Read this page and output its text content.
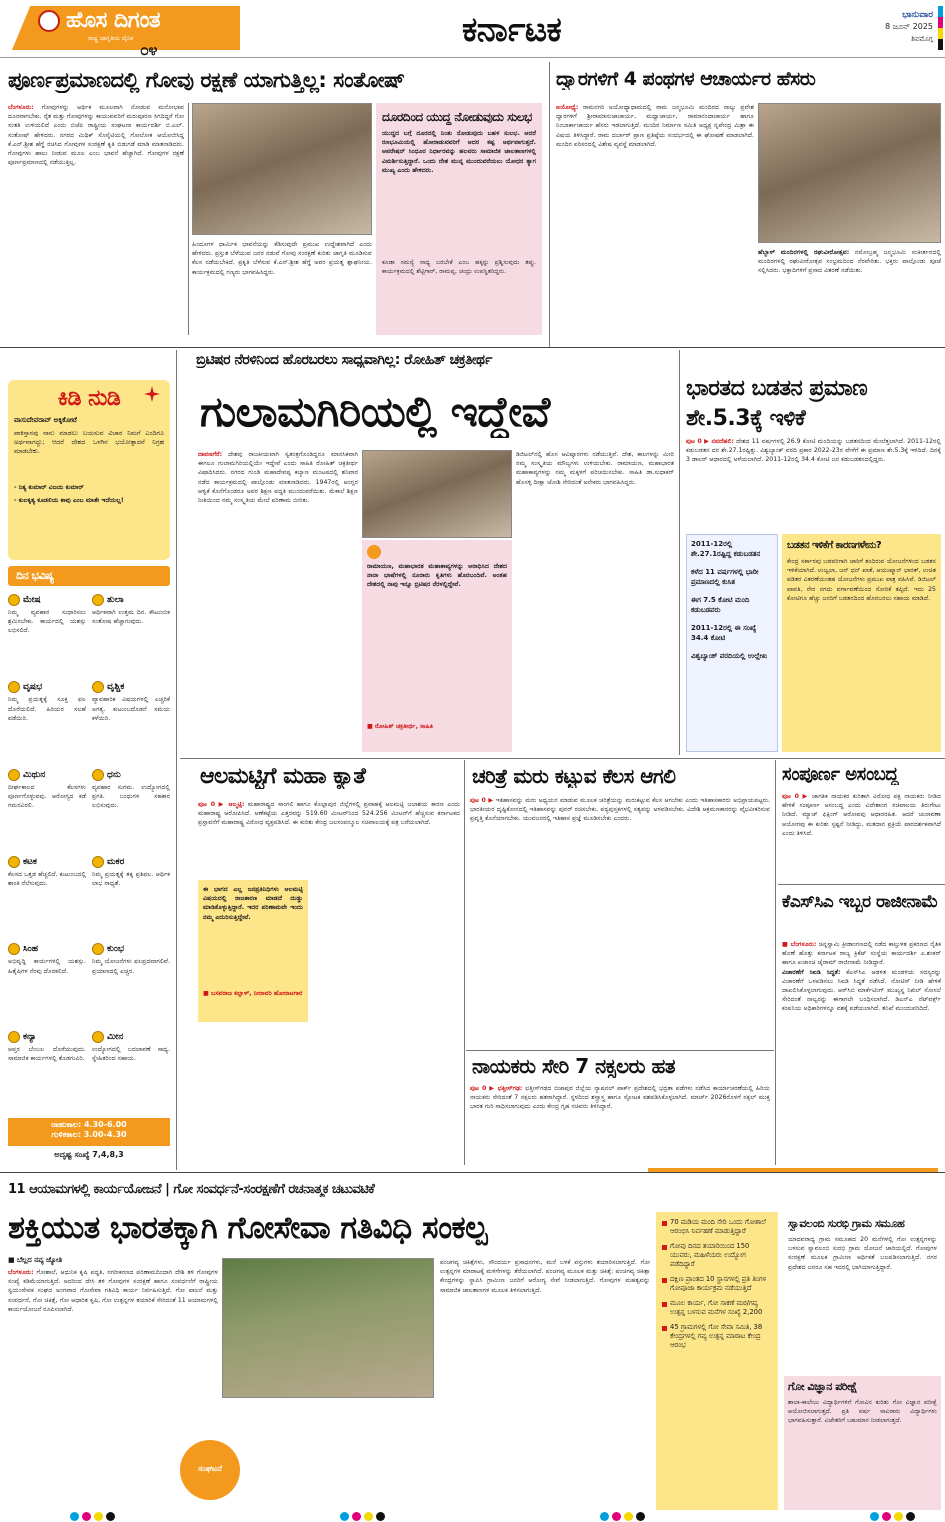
ಹೊಸ ದಿಗಂತ
ರಾಷ್ಟ್ರ ಜಾಗೃತಿಯ ದೈನಿಕ
೦೪	ಕರ್ನಾಟಕ	ಭಾನುವಾರ
8 ಜೂನ್ 2025
ಶಿವಮೊಗ್ಗ
ಪೂರ್ಣಪ್ರಮಾಣದಲ್ಲಿ ಗೋವು ರಕ್ಷಣೆ ಯಾಗುತ್ತಿಲ್ಲ: ಸಂತೋಷ್
ಬೆಂಗಳೂರು: ಗೋವುಗಳನ್ನು ಆರ್ಥಿಕ ಮೂಲವಾಗಿ ನೋಡುವ ಮನೋಭಾವ ದೂರವಾಗಬೇಕು. ರೈತ ಮತ್ತು ಗೋವುಗಳನ್ನು ಕಾಯುವವರಿಗೆ ಮರುಪೂರಣ ಸಿಗದಿದ್ದರೆ ಗೋ ಸಂತತಿ ಉಳಿಯಲಿದೆ ಎಂದು ಬಿಜೆಪಿ ರಾಷ್ಟ್ರೀಯ ಸಂಘಟನಾ ಕಾರ್ಯದರ್ಶಿ ಬಿ.ಎಲ್. ಸಂತೋಷ್ ಹೇಳಿದರು. ನಗರದ ಮಿಥಿಕ್ ಸೊಸೈಟಿಯಲ್ಲಿ ಗೋಲೋಕ ಆಯೋಜಿಸಿದ್ದ ಕೆ.ಎನ್.ಶ್ರೀಶ ಹೆಗ್ಡೆ ರಚಿಸಿದ ಗೋವುಗಳ ಸಂರಕ್ಷಣೆ ಕೃತಿ ಬಿಡುಗಡೆ ಮಾಡಿ ಮಾತನಾಡಿದರು. ಗೋವುಗಳು ಹಾಲು ನೀಡುವ ಮೂಲ ಎಂಬ ಭಾವನೆ ಹೆಚ್ಚಾಗಿದೆ. ಗೋವುಗಳ ರಕ್ಷಣೆ ಪೂರ್ಣಪ್ರಮಾಣದಲ್ಲಿ ನಡೆಯುತ್ತಿಲ್ಲ.
ಹಿಂದೂಗಳ ಧಾರ್ಮಿಕ ಭಾವನೆಯನ್ನು ಕೆಡಿಸುವುದೇ ಪ್ರಮುಖ ಉದ್ದೇಶವಾಗಿದೆ ಎಂದು ಹೇಳಿದರು. ಪ್ರಸ್ತುತ ಬೆಳೆಯುವ ಜನರ ನಡುವೆ ಗೋವು ಸಂರಕ್ಷಣೆ ಕುರಿತು ಜಾಗೃತಿ ಮೂಡಿಸುವ ಕೆಲಸ ನಡೆಯಬೇಕಿದೆ. ಪ್ರಕೃತಿ ಬೆಳೆಸುವ ಕೆ.ಎನ್.ಶ್ರೀಶ ಹೆಗ್ಡೆ ಅವರ ಪ್ರಯತ್ನ ಶ್ಲಾಘನೀಯ. ಕಾರ್ಯಕ್ರಮದಲ್ಲಿ ಗಣ್ಯರು ಭಾಗವಹಿಸಿದ್ದರು.
ದೂರದಿಂದ ಯುದ್ಧ ನೋಡುವುದು ಸುಲಭ
ಯುದ್ಧದ ಬಗ್ಗೆ ದೂರದಲ್ಲಿ ನಿಂತು ನೋಡುವುದು ಬಹಳ ಸುಲಭ. ಆದರೆ ರಣಭೂಮಿಯಲ್ಲಿ ಹೋರಾಡುವವರಿಗೆ ಅದರ ಕಷ್ಟ ಅರ್ಥವಾಗುತ್ತದೆ. ಆಪರೇಷನ್ ಸಿಂಧೂರ ನಿರ್ಧಾರವನ್ನು ಹಲವರು ಸಾಮಾಜಿಕ ಜಾಲತಾಣಗಳಲ್ಲಿ ವಿಮರ್ಶಿಸುತ್ತಿದ್ದಾರೆ. ಒಂದು ದೇಶ ಮುನ್ನ ಮುಂದುವರೆಯಲು ಯೋಧರ ತ್ಯಾಗ ಮುಖ್ಯ ಎಂದು ಹೇಳಿದರು.
ಕೂಡಾ ಸಮಸ್ಯೆ ಸಾಧ್ಯ ಬರಬೇಕೆ ಎಂಬ ಹಕ್ಕನ್ನು ಪ್ರಶ್ನಿಸುವುದು ತಪ್ಪು. ಕಾರ್ಯಕ್ರಮದಲ್ಲಿ ಶೆಟ್ಟಿಗಾರ್, ರಾಮಪ್ಪ, ಚಂದ್ರು ಉಪಸ್ಥಿತರಿದ್ದರು.
ದ್ವಾರಗಳಿಗೆ 4 ಪಂಥಗಳ ಆಚಾರ್ಯರ ಹೆಸರು
ಅಯೋಧ್ಯೆ: ರಾಮನಗರಿ ಅಯೋಧ್ಯಾಧಾಮದಲ್ಲಿ ರಾಮ ಜನ್ಮಭೂಮಿ ಮಂದಿರದ ನಾಲ್ಕು ಪ್ರವೇಶ ದ್ವಾರಗಳಿಗೆ ಶ್ರೀರಾಮಾನುಜಾಚಾರ್ಯ, ಮಧ್ವಾಚಾರ್ಯ, ರಾಮಾನಂದಾಚಾರ್ಯ ಹಾಗೂ ನಿಂಬಾರ್ಕಾಚಾರ್ಯ ಹೆಸರು ಇಡಲಾಗುತ್ತಿದೆ. ಮಂದಿರ ನಿರ್ಮಾಣ ಸಮಿತಿ ಅಧ್ಯಕ್ಷ ನೃಪೇಂದ್ರ ಮಿಶ್ರಾ ಈ ವಿಷಯ ತಿಳಿಸಿದ್ದಾರೆ. ರಾಮ ದರ್ಬಾರ್ ಪ್ರಾಣ ಪ್ರತಿಷ್ಠೆಯ ಸಂದರ್ಭದಲ್ಲಿ ಈ ಘೋಷಣೆ ಮಾಡಲಾಗಿದೆ. ಮಂದಿರ ಪರಿಸರದಲ್ಲಿ ವಿಶೇಷ ವ್ಯವಸ್ಥೆ ಮಾಡಲಾಗಿದೆ.
ಹೆಬ್ಬಾಳ್ ಮಂದಿರಗಳಲ್ಲಿ ರಘುವೀರೋತ್ಸವ: ನಮೋಬ್ರಹ್ಮ ಜನ್ಮಭೂಮಿ ಸಂಕೀರ್ತನದಲ್ಲಿ ಮಂದಿರಗಳಲ್ಲಿ ರಘುವೀರೋತ್ಸವ ಸಂಭ್ರಮದಿಂದ ನೆರವೇರಿತು. ಭಕ್ತರು ಪಾಲ್ಗೊಂಡು ಪೂಜೆ ಸಲ್ಲಿಸಿದರು. ಭಕ್ತಾದಿಗಳಿಗೆ ಪ್ರಸಾದ ವಿತರಣೆ ನಡೆಯಿತು.
ಕಿಡಿ ನುಡಿ
ವಾಸುದೇವರಾವ್ ಅಕ್ಕಿಕೋಟೆ
ಪಾಕಿಸ್ತಾನವು ನಾನು ಮಾಡಲು ಬಯಸುವ ವಿಚಾರ ನಿಮಗೆ ಎಂದಿಗೂ ಅರ್ಥವಾಗದ್ದು; ಆದರೆ ದೇಶದ ಒಳಗಿನ ಭಯೋತ್ಪಾದನೆ ನಿಗ್ರಹ ಮಾಡಬೇಕು.
- ನಿತ್ಯ ಕುಮಾರ್ ವಿಜಯ ಕುಮಾರ್
- ಕುಲಕೃತ್ಯ ಕೂಡಲಿಯ ಕಾವು ಎಂಬ ಮಾತೇ ಇದೆಯಲ್ಲ!
ದಿನ ಭವಿಷ್ಯ
ಮೇಷ
ನಿಮ್ಮ ವ್ಯವಹಾರ ಸುಧಾರಿಸಲು ಶ್ರಮಿಸಬೇಕು. ಕಾರ್ಯದಲ್ಲಿ ಯಶಸ್ಸು ಲಭಿಸಲಿದೆ.
ತುಲಾ
ಆರ್ಥಿಕವಾಗಿ ಉತ್ತಮ ದಿನ. ಕೌಟುಂಬಿಕ ಸಂತೋಷ ಹೆಚ್ಚಾಗುವುದು.
ವೃಷಭ
ನಿಮ್ಮ ಪ್ರಯತ್ನಕ್ಕೆ ಸೂಕ್ತ ಫಲ ದೊರೆಯಲಿದೆ. ಹಿರಿಯರ ಸಲಹೆ ಪಡೆಯಿರಿ.
ವೃಶ್ಚಿಕ
ವ್ಯಾವಹಾರಿಕ ವಿಷಯಗಳಲ್ಲಿ ಎಚ್ಚರಿಕೆ ಅಗತ್ಯ. ಕುಟುಂಬದೊಡನೆ ಸಮಯ ಕಳೆಯಿರಿ.
ಮಿಥುನ
ದೀರ್ಘಕಾಲದ ಕೆಲಸಗಳು ಪೂರ್ಣಗೊಳ್ಳುವವು. ಆರೋಗ್ಯದ ಕಡೆ ಗಮನವಿರಲಿ.
ಧನು
ವ್ಯವಹಾರ ಸುಗಮ. ಉದ್ಯೋಗದಲ್ಲಿ ಪ್ರಗತಿ. ಬಂಧುಗಳ ಸಹಕಾರ ಲಭಿಸುವುದು.
ಕಟಕ
ಕೆಲಸದ ಒತ್ತಡ ಹೆಚ್ಚಲಿದೆ. ಕುಟುಂಬದಲ್ಲಿ ಶಾಂತಿ ನೆಲೆಸುವುದು.
ಮಕರ
ನಿಮ್ಮ ಪ್ರಯತ್ನಕ್ಕೆ ತಕ್ಕ ಪ್ರತಿಫಲ. ಆರ್ಥಿಕ ಲಾಭ ಸಾಧ್ಯತೆ.
ಸಿಂಹ
ಅಭಿವೃದ್ಧಿ ಕಾರ್ಯಗಳಲ್ಲಿ ಯಶಸ್ಸು. ಹಿತೈಷಿಗಳ ನೆರವು ದೊರಕಲಿದೆ.
ಕುಂಭ
ನಿಮ್ಮ ಯೋಜನೆಗಳು ಫಲಪ್ರದವಾಗಲಿವೆ. ಪ್ರಯಾಣದಲ್ಲಿ ಎಚ್ಚರ.
ಕನ್ಯಾ
ಆಪ್ತರ ಬೆಂಬಲ ದೊರೆಯುವುದು. ಸಾಮಾಜಿಕ ಕಾರ್ಯಗಳಲ್ಲಿ ತೊಡಗುವಿರಿ.
ಮೀನ
ಉದ್ಯೋಗದಲ್ಲಿ ಬದಲಾವಣೆ ಸಾಧ್ಯ. ಸ್ನೇಹಿತರಿಂದ ಸಹಾಯ.
ರಾಹುಕಾಲ: 4.30-6.00
ಗುಳಿಕಕಾಲ: 3.00-4.30
ಅದೃಷ್ಟ ಸಂಖ್ಯೆ 7,4,8,3
ಬ್ರಿಟಿಷರ ನೆರಳಿನಿಂದ ಹೊರಬರಲು ಸಾಧ್ಯವಾಗಿಲ್ಲ: ರೋಹಿತ್ ಚಕ್ರತೀರ್ಥ
ಗುಲಾಮಗಿರಿಯಲ್ಲಿ ಇದ್ದೇವೆ
ದಾವಣಗೆರೆ: ದೇಶವು ರಾಜಕೀಯವಾಗಿ ಸ್ವತಂತ್ರಗೊಂಡಿದ್ದರೂ ಮಾನಸಿಕವಾಗಿ ಈಗಲೂ ಗುಲಾಮಗಿರಿಯಲ್ಲಿಯೇ ಇದ್ದೇವೆ ಎಂದು ಸಾಹಿತಿ ರೋಹಿತ್ ಚಕ್ರತೀರ್ಥ ವಿಷಾದಿಸಿದರು. ನಗರದ ಗುಂಡಿ ಮಹಾದೇವಪ್ಪ ಕಲ್ಯಾಣ ಮಂಟಪದಲ್ಲಿ ಶನಿವಾರ ನಡೆದ ಕಾರ್ಯಕ್ರಮದಲ್ಲಿ ಪಾಲ್ಗೊಂಡು ಮಾತನಾಡಿದರು. 1947ರಲ್ಲಿ ಆಂಗ್ಲರ ಆಳ್ವಿಕೆ ಕೊನೆಗೊಂಡರೂ ಅವರ ಶಿಕ್ಷಣ ಪದ್ಧತಿ ಮುಂದುವರೆಯಿತು. ಮೆಕಾಲೆ ಶಿಕ್ಷಣ ನೀತಿಯಿಂದ ನಮ್ಮ ಸಂಸ್ಕೃತಿಯ ಮೇಲೆ ಪರಿಣಾಮ ಬೀರಿತು.
ರಾಮಾಯಣ, ಮಹಾಭಾರತ ಮಹಾಕಾವ್ಯಗಳನ್ನು ಆರಾಧಿಸಿದ ದೇಶದ ನಾನಾ ಭಾಷೆಗಳಲ್ಲಿ ನೂರಾರು ಕೃತಿಗಳು ಹೊರಬಂದಿವೆ. ಅಂತಹ ದೇಶದಲ್ಲಿ ನಾವು ಇನ್ನೂ ಬ್ರಿಟಿಷರ ನೆರಳಲ್ಲಿದ್ದೇವೆ.
■ ರೋಹಿತ್ ಚಕ್ರತೀರ್ಥ, ಸಾಹಿತಿ
ಡಿಜಿಟಲ್‌ನಲ್ಲಿ ಹೊಸ ಆವಿಷ್ಕಾರಗಳು ನಡೆಯುತ್ತಿವೆ. ದೇಶ, ಕಾಲಗಳನ್ನು ಮೀರಿ ನಮ್ಮ ಸಂಸ್ಕೃತಿಯ ಮೌಲ್ಯಗಳು ಉಳಿಯಬೇಕು. ರಾಮಾಯಣ, ಮಹಾಭಾರತ ಮಹಾಕಾವ್ಯಗಳನ್ನು ನಮ್ಮ ಮಕ್ಕಳಿಗೆ ಪರಿಚಯಿಸಬೇಕು. ಸಾಹಿತಿ ಡಾ.ಸುಧಾಕರ್ ಹೊಸಳ್ಳಿ ದೀಕ್ಷಾ ಜೋಶಿ ಸೇರಿದಂತೆ ಅನೇಕರು ಭಾಗವಹಿಸಿದ್ದರು.
ಭಾರತದ ಬಡತನ ಪ್ರಮಾಣ ಶೇ.5.3ಕ್ಕೆ ಇಳಿಕೆ
ಪುಟ 0 ▶ ನವದೆಹಲಿ: ದೇಶದ 11 ವರ್ಷಗಳಲ್ಲಿ 26.9 ಕೋಟಿ ಮಂದಿಯನ್ನು ಬಡತನದಿಂದ ಮೇಲೆತ್ತಲಾಗಿದೆ. 2011-12ರಲ್ಲಿ ಕಡುಬಡತನ ದರ ಶೇ.27.1ರಷ್ಟಿತ್ತು. ವಿಶ್ವಬ್ಯಾಂಕ್ ವರದಿ ಪ್ರಕಾರ 2022-23ರ ವೇಳೆಗೆ ಈ ಪ್ರಮಾಣ ಶೇ.5.3ಕ್ಕೆ ಇಳಿದಿದೆ. ದಿನಕ್ಕೆ 3 ಡಾಲರ್ ಆಧಾರದಲ್ಲಿ ಅಳೆಯಲಾಗಿದೆ. 2011-12ರಲ್ಲಿ 34.4 ಕೋಟಿ ಜನ ಕಡುಬಡತನದಲ್ಲಿದ್ದರು.
2011-12ರಲ್ಲಿ ಶೇ.27.1ರಷ್ಟಿದ್ದ ಕಡುಬಡತನ
ಕಳೆದ 11 ವರ್ಷಗಳಲ್ಲಿ ಭಾರೀ ಪ್ರಮಾಣದಲ್ಲಿ ಕುಸಿತ
ಈಗ 7.5 ಕೋಟಿ ಮಂದಿ ಕಡುಬಡವರು
2011-12ರಲ್ಲಿ ಈ ಸಂಖ್ಯೆ 34.4 ಕೋಟಿ
ವಿಶ್ವಬ್ಯಾಂಕ್ ವರದಿಯಲ್ಲಿ ಉಲ್ಲೇಖ
ಬಡತನ ಇಳಿಕೆಗೆ ಕಾರಣಗಳೇನು?
ಕೇಂದ್ರ ಸರ್ಕಾರವು ಬಡವರಿಗಾಗಿ ಜಾರಿಗೆ ತಂದಿರುವ ಯೋಜನೆಗಳಿಂದ ಬಡತನ ಇಳಿಕೆಯಾಗಿದೆ. ಉಜ್ವಲಾ, ಜನ್ ಧನ್ ಖಾತೆ, ಆಯುಷ್ಮಾನ್ ಭಾರತ್, ಉಚಿತ ಪಡಿತರ ವಿತರಣೆಯಂತಹ ಯೋಜನೆಗಳು ಪ್ರಮುಖ ಪಾತ್ರ ವಹಿಸಿವೆ. ಡಿಜಿಟಲ್ ಪಾವತಿ, ನೇರ ನಗದು ವರ್ಗಾವಣೆಯಿಂದ ಸೋರಿಕೆ ತಪ್ಪಿದೆ. ಇದು 25 ಕೋಟಿಗೂ ಹೆಚ್ಚು ಜನರಿಗೆ ಬಡತನದಿಂದ ಹೊರಬರಲು ಸಹಾಯ ಮಾಡಿದೆ.
ಆಲಮಟ್ಟಿಗೆ ಮಹಾ ಕ್ಯಾತೆ
ಪುಟ 0 ▶ ಆಲ್ಮಟ್ಟಿ: ಮಹಾರಾಷ್ಟ್ರದ ಸಾಂಗಲಿ ಹಾಗೂ ಕೊಲ್ಲಾಪುರ ಜಿಲ್ಲೆಗಳಲ್ಲಿ ಪ್ರವಾಹಕ್ಕೆ ಆಲಮಟ್ಟಿ ಜಲಾಶಯ ಕಾರಣ ಎಂದು ಮಹಾರಾಷ್ಟ್ರ ಆರೋಪಿಸಿದೆ. ಆಣೆಕಟ್ಟೆಯ ಎತ್ತರವನ್ನು 519.60 ಮೀಟರ್‌ನಿಂದ 524.256 ಮೀಟರ್‌ಗೆ ಹೆಚ್ಚಿಸುವ ಕರ್ನಾಟಕದ ಪ್ರಸ್ತಾವನೆಗೆ ಮಹಾರಾಷ್ಟ್ರ ವಿರೋಧ ವ್ಯಕ್ತಪಡಿಸಿದೆ. ಈ ಕುರಿತು ಕೇಂದ್ರ ಜಲಸಂಪನ್ಮೂಲ ಸಚಿವಾಲಯಕ್ಕೆ ಪತ್ರ ಬರೆಯಲಾಗಿದೆ.
ಈ ಭಾಗದ ಎಲ್ಲ ಜನಪ್ರತಿನಿಧಿಗಳು ಆಲಮಟ್ಟಿ ವಿಷಯದಲ್ಲಿ ರಾಜಕಾರಣ ಮಾಡದೆ ದುಡ್ಡು ಮಾಡಿಕೊಳ್ಳುತ್ತಿದ್ದಾರೆ. ಇದರ ಪರಿಣಾಮವೇ ಇಂದು ನಮ್ಮ ಎದುರಿಸುತ್ತಿದ್ದೇವೆ.
■ ಬಸವರಾಜ ಕಲ್ಲಾಳ್, ನೀರಾವರಿ ಹೋರಾಟಗಾರ
ಚರಿತ್ರೆ ಮರು ಕಟ್ಟುವ ಕೆಲಸ ಆಗಲಿ
ಪುಟ 0 ▶ ಇತಿಹಾಸವನ್ನು ಮರು ಅಧ್ಯಯನ ಮಾಡುವ ಮೂಲಕ ಚರಿತ್ರೆಯನ್ನು ಮರುಕಟ್ಟುವ ಕೆಲಸ ಆಗಬೇಕು ಎಂದು ಇತಿಹಾಸಕಾರರು ಅಭಿಪ್ರಾಯಪಟ್ಟರು. ಭಾರತೀಯರ ದೃಷ್ಟಿಕೋನದಲ್ಲಿ ಇತಿಹಾಸವನ್ನು ಪುನರ್ ರಚಿಸಬೇಕು. ಪಠ್ಯಪುಸ್ತಕಗಳಲ್ಲಿ ಸತ್ಯವನ್ನು ಅಳವಡಿಸಬೇಕು. ವಿದೇಶಿ ಆಕ್ರಮಣಕಾರರನ್ನು ವೈಭವೀಕರಿಸುವ ಪ್ರವೃತ್ತಿ ಕೊನೆಯಾಗಬೇಕು. ಯುವಜನರಲ್ಲಿ ಇತಿಹಾಸ ಪ್ರಜ್ಞೆ ಮೂಡಿಸಬೇಕು ಎಂದರು.
ನಾಯಕರು ಸೇರಿ 7 ನಕ್ಸಲರು ಹತ
ಪುಟ 0 ▶ ಛತ್ತೀಸ್‌ಗಢ: ಛತ್ತೀಸ್‌ಗಢದ ಬಿಜಾಪುರ ಜಿಲ್ಲೆಯ ನ್ಯಾಷನಲ್ ಪಾರ್ಕ್ ಪ್ರದೇಶದಲ್ಲಿ ಭದ್ರತಾ ಪಡೆಗಳು ನಡೆಸಿದ ಕಾರ್ಯಾಚರಣೆಯಲ್ಲಿ ಹಿರಿಯ ನಾಯಕರು ಸೇರಿದಂತೆ 7 ನಕ್ಸಲರು ಹತರಾಗಿದ್ದಾರೆ. ಸ್ಥಳದಿಂದ ಶಸ್ತ್ರಾಸ್ತ್ರ ಹಾಗೂ ಸ್ಫೋಟಕ ವಶಪಡಿಸಿಕೊಳ್ಳಲಾಗಿದೆ. ಮಾರ್ಚ್ 2026ರೊಳಗೆ ನಕ್ಸಲ್ ಮುಕ್ತ ಭಾರತ ಗುರಿ ಸಾಧಿಸಲಾಗುವುದು ಎಂದು ಕೇಂದ್ರ ಗೃಹ ಸಚಿವರು ತಿಳಿಸಿದ್ದಾರೆ.
ಸಂಪೂರ್ಣ ಅಸಂಬದ್ಧ
ಪುಟ 0 ▶ ಜಾಗತಿಕ ನಾಯಕರ ಕುರಿತಾಗಿ ವಿರೋಧ ಪಕ್ಷ ನಾಯಕರು ನೀಡಿದ ಹೇಳಿಕೆ ಸಂಪೂರ್ಣ ಅಸಂಬದ್ಧ ಎಂದು ವಿದೇಶಾಂಗ ಸಚಿವಾಲಯ ತಿರುಗೇಟು ನೀಡಿದೆ. ಮ್ಯಾಚ್ ಫಿಕ್ಸಿಂಗ್ ಆರೋಪವು ಆಧಾರರಹಿತ. ಆದರೆ ಚುನಾವಣಾ ಆಯೋಗವು ಈ ಕುರಿತು ಸ್ಪಷ್ಟನೆ ನೀಡಿದ್ದು, ಮತದಾನ ಪ್ರಕ್ರಿಯೆ ಪಾರದರ್ಶಕವಾಗಿದೆ ಎಂದು ತಿಳಿಸಿದೆ.
ಕೆಎಸ್‌ಸಿಎ ಇಬ್ಬರ ರಾಜೀನಾಮೆ
■ ಬೆಂಗಳೂರು: ಚಿನ್ನಸ್ವಾಮಿ ಕ್ರೀಡಾಂಗಣದಲ್ಲಿ ನಡೆದ ಕಾಲ್ತುಳಿತ ಪ್ರಕರಣದ ನೈತಿಕ ಹೊಣೆ ಹೊತ್ತು ಕರ್ನಾಟಕ ರಾಜ್ಯ ಕ್ರಿಕೆಟ್ ಸಂಸ್ಥೆಯ ಕಾರ್ಯದರ್ಶಿ ಎ.ಶಂಕರ್ ಹಾಗೂ ಖಜಾಂಚಿ ಜೈರಾಮ್ ರಾಜೀನಾಮೆ ನೀಡಿದ್ದಾರೆ.
ವಿಚಾರಣೆಗೆ ಸಿಐಡಿ ಸಿದ್ಧತೆ: ಕೆಎಸ್‌ಸಿಎ ಆಡಳಿತ ಮಂಡಳಿಯ ಸದಸ್ಯರನ್ನು ವಿಚಾರಣೆಗೆ ಒಳಪಡಿಸಲು ಸಿಐಡಿ ಸಿದ್ಧತೆ ನಡೆಸಿದೆ. ನೋಟಿಸ್ ನೀಡಿ ಹೇಳಿಕೆ ದಾಖಲಿಸಿಕೊಳ್ಳಲಾಗುವುದು. ಆರ್‌ಸಿಬಿ ಮಾರ್ಕೆಟಿಂಗ್ ಮುಖ್ಯಸ್ಥ ನಿಖಿಲ್ ಸೋಸಲೆ ಸೇರಿದಂತೆ ನಾಲ್ವರನ್ನು ಈಗಾಗಲೇ ಬಂಧಿಸಲಾಗಿದೆ. ಡಿಎನ್‌ಎ ನೆಟ್‌ವರ್ಕ್ಸ್ ಕಂಪನಿಯ ಅಧಿಕಾರಿಗಳನ್ನೂ ವಶಕ್ಕೆ ಪಡೆಯಲಾಗಿದೆ. ತನಿಖೆ ಮುಂದುವರಿದಿದೆ.
11 ಆಯಾಮಗಳಲ್ಲಿ ಕಾರ್ಯಯೋಜನೆ | ಗೋ ಸಂವರ್ಧನೆ-ಸಂರಕ್ಷಣೆಗೆ ರಚನಾತ್ಮಕ ಚಟುವಟಿಕೆ
ಶಕ್ತಿಯುತ ಭಾರತಕ್ಕಾಗಿ ಗೋಸೇವಾ ಗತಿವಿಧಿ ಸಂಕಲ್ಪ
■ ಬೆಲ್ಲದ ನವ್ಯ ಜ್ಯೋತಿ
ಬೆಂಗಳೂರು: ಗೋಶಾಲೆ, ಆಧುನಿಕ ಕೃಷಿ ಪದ್ಧತಿ, ನಗರೀಕರಣದ ಪರಿಣಾಮದಿಂದಾಗಿ ದೇಶಿ ತಳಿ ಗೋವುಗಳ ಸಂಖ್ಯೆ ಕಡಿಮೆಯಾಗುತ್ತಿದೆ. ಅದರಿಂದ ದೇಸಿ ತಳಿ ಗೋವುಗಳ ಸಂರಕ್ಷಣೆ ಹಾಗೂ ಸಂವರ್ಧನೆಗೆ ರಾಷ್ಟ್ರೀಯ ಸ್ವಯಂಸೇವಕ ಸಂಘದ ಅಂಗವಾದ ಗೋಸೇವಾ ಗತಿವಿಧಿ ಕಾರ್ಯ ನಿರ್ವಹಿಸುತ್ತಿದೆ. ಗೋ ಪಾಲನೆ ಮತ್ತು ಸಂವರ್ಧನೆ, ಗೋ ಚಿಕಿತ್ಸೆ, ಗೋ ಆಧಾರಿತ ಕೃಷಿ, ಗೋ ಉತ್ಪನ್ನಗಳ ತಯಾರಿಕೆ ಸೇರಿದಂತೆ 11 ಆಯಾಮಗಳಲ್ಲಿ ಕಾರ್ಯಯೋಜನೆ ರೂಪಿಸಲಾಗಿದೆ.
ಸಂಘಟನೆ
ಪಂಚಗವ್ಯ ಚಿಕಿತ್ಸೆಗಳು, ಸೌಂದರ್ಯ ಪ್ರಸಾಧನಗಳು, ಮನೆ ಬಳಕೆ ವಸ್ತುಗಳು ತಯಾರಿಸಲಾಗುತ್ತಿದೆ. ಗೋ ಉತ್ಪನ್ನಗಳ ಮಾರಾಟಕ್ಕೆ ಮಳಿಗೆಗಳನ್ನು ತೆರೆಯಲಾಗಿದೆ. ಪಂಚಗವ್ಯ ಮೂಲಕ ಮತ್ತು ಚಿಕಿತ್ಸೆ: ಪಂಚಗವ್ಯ ಚಿಕಿತ್ಸಾ ಕೇಂದ್ರಗಳನ್ನು ಸ್ಥಾಪಿಸಿ ಗ್ರಾಮೀಣ ಜನರಿಗೆ ಆರೋಗ್ಯ ಸೇವೆ ನೀಡಲಾಗುತ್ತಿದೆ. ಗೋವುಗಳ ಮಹತ್ವವನ್ನು ಸಾಮಾಜಿಕ ಜಾಲತಾಣಗಳ ಮೂಲಕ ತಿಳಿಸಲಾಗುತ್ತಿದೆ.
70 ಮಡಿಯ ಮಂದಿ ಸೇರಿ ಒಂದು ಗೋಶಾಲೆ ಆರಂಭಿಸಿ ನಿರ್ವಹಣೆ ಮಾಡುತ್ತಿದ್ದಾರೆ
ಗೋವು ದಿನದ ತಯಾರಿಯಿಂದ 150 ಯುವರು, ಮಹಿಳೆಯರು ಉದ್ಯೋಗ ಪಡೆದಿದ್ದಾರೆ
ದಕ್ಷಿಣ ಪ್ರಾಂತದ 10 ಸ್ಥಾನಗಳಲ್ಲಿ ಪ್ರತಿ ತಿಂಗಳ ಗೋಪೂಜಾ ಕಾರ್ಯಕ್ರಮ ನಡೆಯುತ್ತಿದೆ
ಮೂಲ ಕಾರ್ಯ, ಗೋ ಸಾಕಣೆ ಮಠ/ಗವ್ಯ ಉತ್ಪನ್ನ ಬಳಸುವ ಮನೆಗಳ ಸಂಖ್ಯೆ 2,200
45 ಗ್ರಾಮಗಳಲ್ಲಿ ಗೋ ಸೇವಾ ಸಮಿತಿ, 38 ಕೇಂದ್ರಗಳಲ್ಲಿ ಗವ್ಯ ಉತ್ಪನ್ನ ಮಾರಾಟ ಕೇಂದ್ರ ಆರಂಭ
ಸ್ವಾವಲಂಬಿ ಸುರಭಿ ಗ್ರಾಮ ಸಮೂಹ
ಯಾದವರಾಧ್ಯ ಗ್ರಾಮ ಸಮೂಹದ 20 ಮನೆಗಳಲ್ಲಿ ಗೋ ಉತ್ಪನ್ನಗಳನ್ನು ಬಳಸುವ ಸ್ವಾವಲಂಬಿ ಸುರಭಿ ಗ್ರಾಮ ಯೋಜನೆ ಜಾರಿಯಲ್ಲಿದೆ. ಗೋವುಗಳ ಸಂರಕ್ಷಣೆ ಮೂಲಕ ಗ್ರಾಮೀಣ ಆರ್ಥಿಕತೆ ಬಲಪಡಿಸಲಾಗುತ್ತಿದೆ. ನಗರ ಪ್ರದೇಶದ ಜನರೂ ಸಹ ಇದರಲ್ಲಿ ಭಾಗಿಯಾಗುತ್ತಿದ್ದಾರೆ.
ಗೋ ವಿಜ್ಞಾನ ಪರೀಕ್ಷೆ
ಶಾಲಾ-ಕಾಲೇಜು ವಿದ್ಯಾರ್ಥಿಗಳಿಗೆ ಗೋವಿನ ಕುರಿತು ಗೋ ವಿಜ್ಞಾನ ಪರೀಕ್ಷೆ ಆಯೋಜಿಸಲಾಗುತ್ತದೆ. ಪ್ರತಿ ವರ್ಷ ಸಾವಿರಾರು ವಿದ್ಯಾರ್ಥಿಗಳು ಭಾಗವಹಿಸುತ್ತಾರೆ. ವಿಜೇತರಿಗೆ ಬಹುಮಾನ ನೀಡಲಾಗುತ್ತದೆ.
